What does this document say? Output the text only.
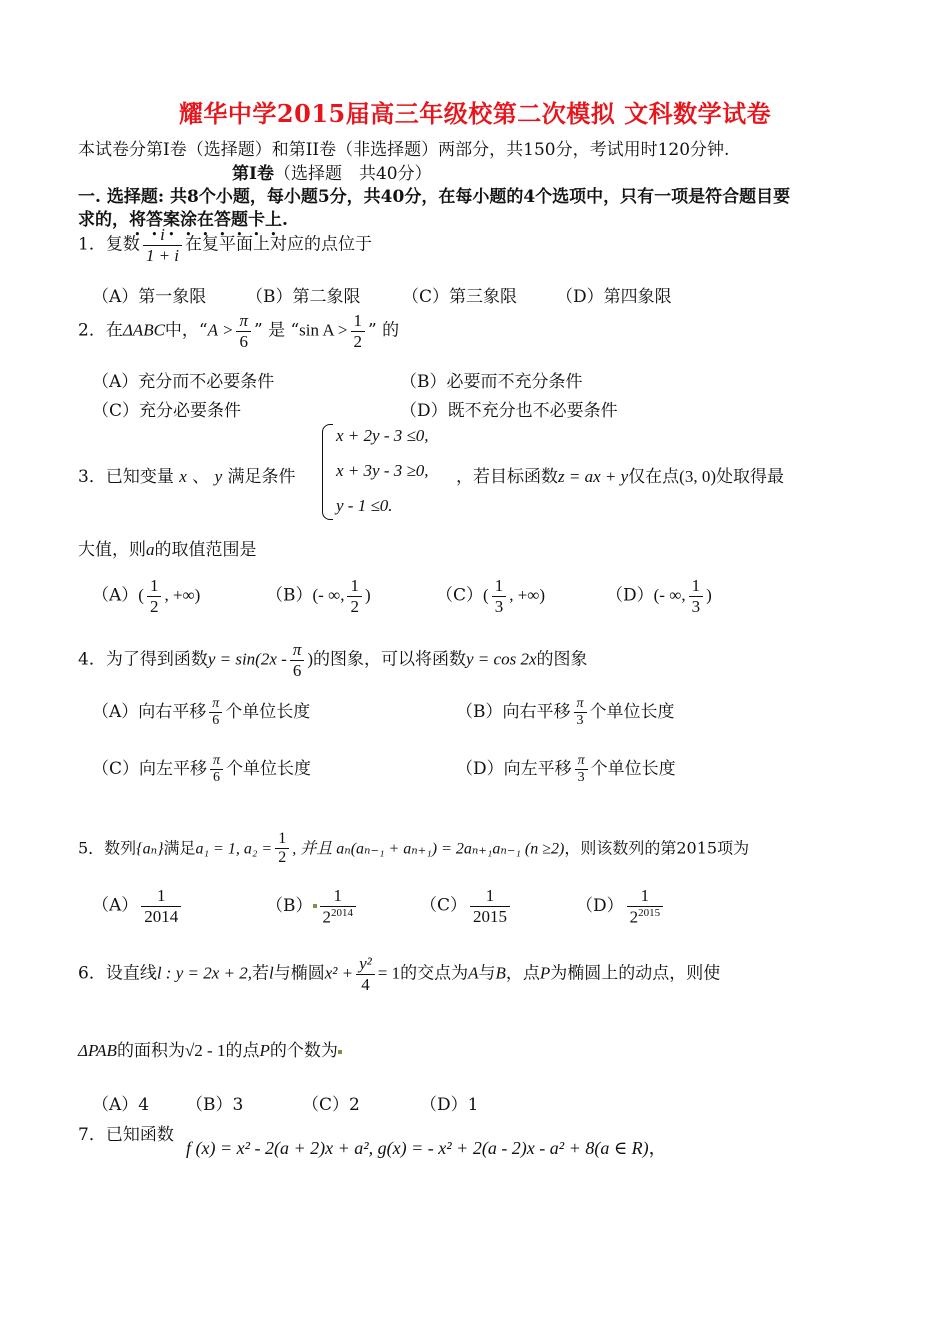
耀华中学2015届高三年级校第二次模拟 文科数学试卷
本试卷分第I卷（选择题）和第II卷（非选择题）两部分，共150分，考试用时120分钟.
第I卷（选择题　共40分）
一. 选择题: 共8个小题，每小题5分，共40分，在每小题的4个选项中，只有一项是符合题目要
求的，将答案涂在答题卡上.
1．复数 $\frac{i}{1 + i}$ 在复平面上对应的点位于
（A）第一象限 （B）第二象限 （C）第三象限 （D）第四象限
2．在ΔABC中，“$A > \frac{\pi}{6}$ ” 是 “sin $A > \frac{1}{2}$ ” 的
（A）充分而不必要条件	（B）必要而不充分条件
（C）充分必要条件	（D）既不充分也不必要条件
3．已知变量 x 、 y 满足条件
x + 2y - 3 ≤0,
x + 3y - 3 ≥0,
y - 1 ≤0.
，若目标函数z = ax + y仅在点(3, 0)处取得最
大值，则a的取值范围是
$(A)( \frac{1}{2}$ , +∞)	（B）(- ∞, $\frac{1}{2}$ )	$(C)( \frac{1}{3}$ , +∞)	（D）(- ∞, $\frac{1}{3}$ )
4．为了得到函数$y = \sin(2x - \frac{\pi}{6}$ )的图象，可以将函数y = cos 2x的图象
（A）向右平移 $\frac{\pi}{6}$ 个单位长度	（B）向右平移 $\frac{\pi}{3}$ 个单位长度
（C）向左平移 $\frac{\pi}{6}$ 个单位长度	（D）向左平移 $\frac{\pi}{3}$ 个单位长度
5．数列{aₙ}满足a₁ = 1, $a_2 = \frac{1}{2}$ , 并且 aₙ(aₙ₋₁ + aₙ₊₁) = 2aₙ₊₁aₙ₋₁ (n ≥2)，则该数列的第2015项为
$(A) \frac{1}{2014}$	$(B) \frac{1}{2^{2014}}$	$(C) \frac{1}{2015}$	$(D) \frac{1}{2^{2015}}$
6．设直线l : y = 2x + 2,若l与椭圆$x^2 + \frac{\text{y²}}{4} = 1$的交点为A与B，点P为椭圆上的动点，则使
ΔPAB的面积为√2 - 1的点P的个数为
（A）4 （B）3	（C）2	（D）1
7．已知函数
f (x) = x² - 2(a + 2)x + a², g(x) = - x² + 2(a - 2)x - a² + 8(a ∈ R)，
